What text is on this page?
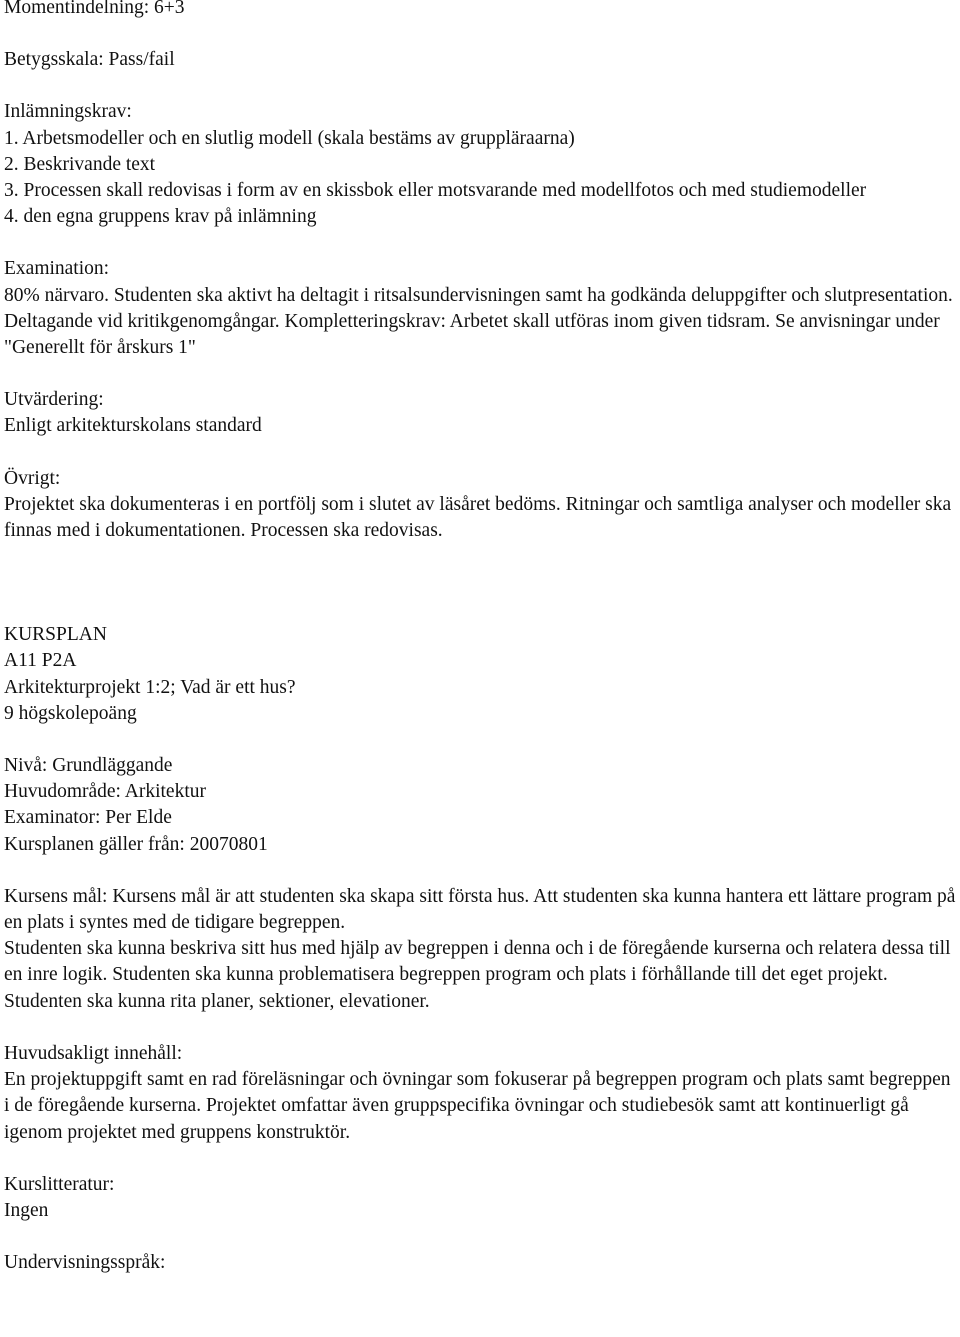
Momentindelning: 6+3

Betygsskala: Pass/fail

Inlämningskrav:
1. Arbetsmodeller och en slutlig modell (skala bestäms av gruppläraarna)
2. Beskrivande text
3. Processen skall redovisas i form av en skissbok eller motsvarande med modellfotos och med studiemodeller
4. den egna gruppens krav på inlämning
Examination:
80% närvaro. Studenten ska aktivt ha deltagit i ritsalsundervisningen samt ha godkända deluppgifter och slutpresentation. Deltagande vid kritikgenomgångar. Kompletteringskrav: Arbetet skall utföras inom given tidsram. Se anvisningar under "Generellt för årskurs 1"
Utvärdering:
Enligt arkitekturskolans standard
Övrigt:
Projektet ska dokumenteras i en portfölj som i slutet av läsåret bedöms. Ritningar och samtliga analyser och modeller ska finnas med i dokumentationen. Processen ska redovisas.
KURSPLAN
A11 P2A
Arkitekturprojekt 1:2; Vad är ett hus?
9 högskolepoäng
Nivå: Grundläggande
Huvudområde: Arkitektur
Examinator: Per Elde
Kursplanen gäller från: 20070801
Kursens mål: Kursens mål är att studenten ska skapa sitt första hus. Att studenten ska kunna hantera ett lättare program på en plats i syntes med de tidigare begreppen.
Studenten ska kunna beskriva sitt hus med hjälp av begreppen i denna och i de föregående kurserna och relatera dessa till en inre logik. Studenten ska kunna problematisera begreppen program och plats i förhållande till det eget projekt.
Studenten ska kunna rita planer, sektioner, elevationer.
Huvudsakligt innehåll:
En projektuppgift samt en rad föreläsningar och övningar som fokuserar på begreppen program och plats samt begreppen i de föregående kurserna. Projektet omfattar även gruppspecifika övningar och studiebesök samt att kontinuerligt gå igenom projektet med gruppens konstruktör.
Kurslitteratur:
Ingen
Undervisningsspråk:
